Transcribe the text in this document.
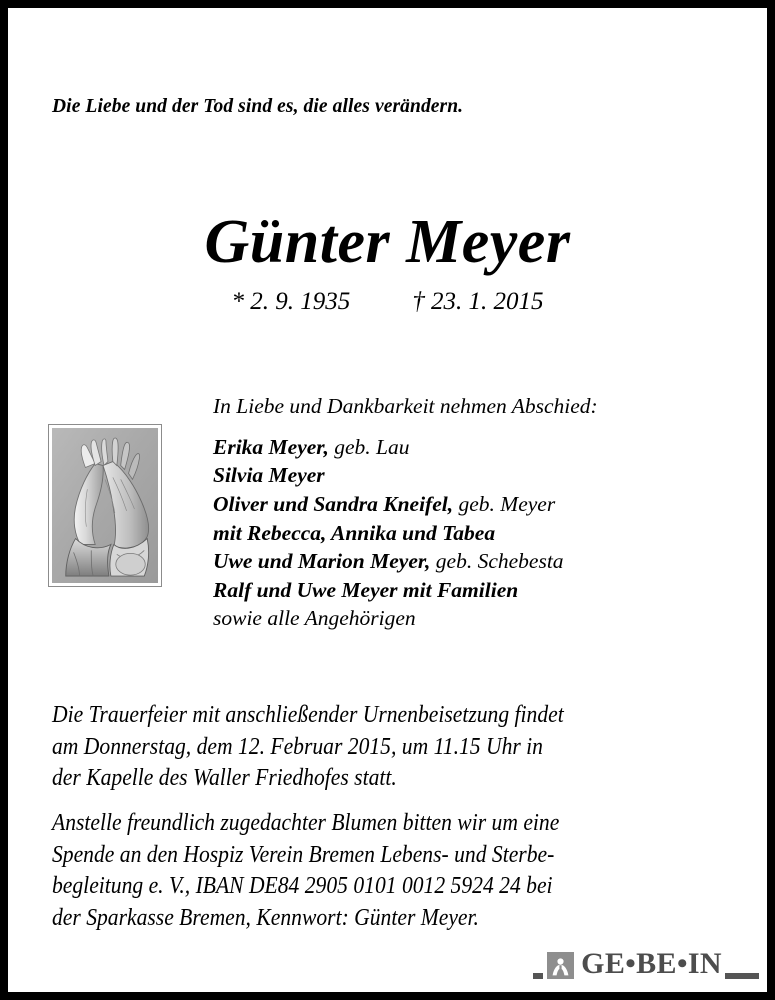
Die Liebe und der Tod sind es, die alles verändern.
Günter Meyer
* 2. 9. 1935 † 23. 1. 2015
In Liebe und Dankbarkeit nehmen Abschied:
Erika Meyer, geb. Lau
Silvia Meyer
Oliver und Sandra Kneifel, geb. Meyer
mit Rebecca, Annika und Tabea
Uwe und Marion Meyer, geb. Schebesta
Ralf und Uwe Meyer mit Familien
sowie alle Angehörigen
Die Trauerfeier mit anschließender Urnenbeisetzung findet
am Donnerstag, dem 12. Februar 2015, um 11.15 Uhr in
der Kapelle des Waller Friedhofes statt.
Anstelle freundlich zugedachter Blumen bitten wir um eine
Spende an den Hospiz Verein Bremen Lebens- und Sterbe-
begleitung e. V., IBAN DE84 2905 0101 0012 5924 24 bei
der Sparkasse Bremen, Kennwort: Günter Meyer.
GE•BE•IN
